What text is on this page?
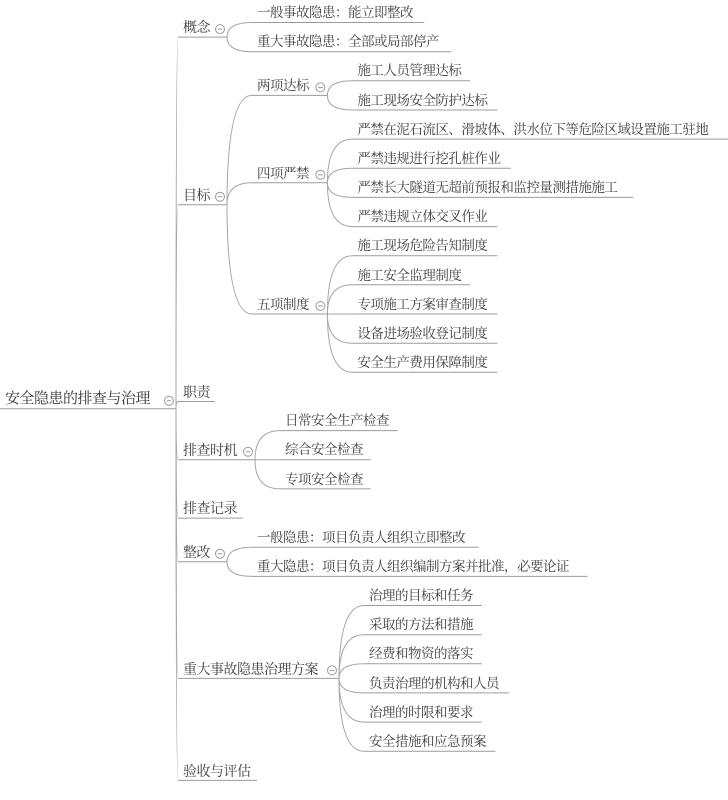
安全隐患的排查与治理
概念
一般事故隐患：能立即整改
重大事故隐患：全部或局部停产
目标
两项达标
施工人员管理达标
施工现场安全防护达标
四项严禁
严禁在泥石流区、滑坡体、洪水位下等危险区域设置施工驻地
严禁违规进行挖孔桩作业
严禁长大隧道无超前预报和监控量测措施施工
严禁违规立体交叉作业
五项制度
施工现场危险告知制度
施工安全监理制度
专项施工方案审查制度
设备进场验收登记制度
安全生产费用保障制度
职责
排查时机
日常安全生产检查
综合安全检查
专项安全检查
排查记录
整改
一般隐患：项目负责人组织立即整改
重大隐患：项目负责人组织编制方案并批准，必要论证
重大事故隐患治理方案
治理的目标和任务
采取的方法和措施
经费和物资的落实
负责治理的机构和人员
治理的时限和要求
安全措施和应急预案
验收与评估
